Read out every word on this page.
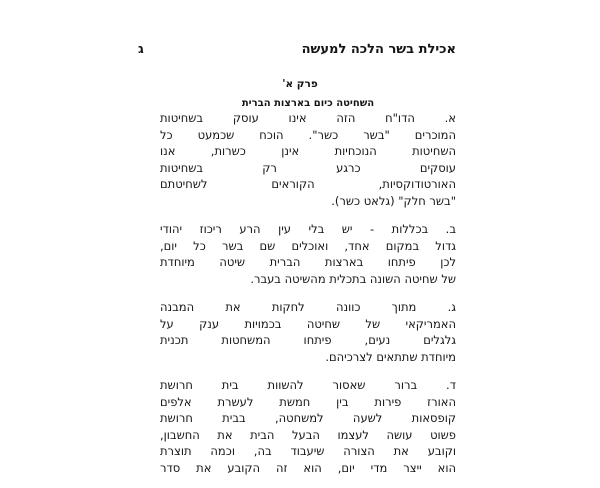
אכילת בשר הלכה למעשה
ג
פרק א'
השחיטה כיום בארצות הברית
א. הדו"ח הזה אינו עוסק בשחיטות
המוכרים "בשר כשר". הוכח שכמעט כל
השחיטות הנוכחיות אינן כשרות, אנו
עוסקים כרגע רק בשחיטות
האורטודוקסיות, הקוראים לשחיטתם
"בשר חלק" (גלאט כשר).
ב. בכללות - יש בלי עין הרע ריכוז יהודי
גדול במקום אחד, ואוכלים שם בשר כל יום,
לכן פיתחו בארצות הברית שיטה מיוחדת
של שחיטה השונה בתכלית מהשיטה בעבר.
ג. מתוך כוונה לחקות את המבנה
האמריקאי של שחיטה בכמויות ענק על
גלגלים נעים, פיתחו המשחטות תכנית
מיוחדת שתתאים לצרכיהם.
ד. ברור שאסור להשוות בית חרושת
האורז פירות בין חמשת לעשרת אלפים
קופסאות לשעה למשחטה, בבית חרושת
פשוט עושה לעצמו הבעל הבית את החשבון,
וקובע את הצורה שיעבוד בה, וכמה תוצרת
הוא ייצר מדי יום, הוא זה הקובע את סדר
